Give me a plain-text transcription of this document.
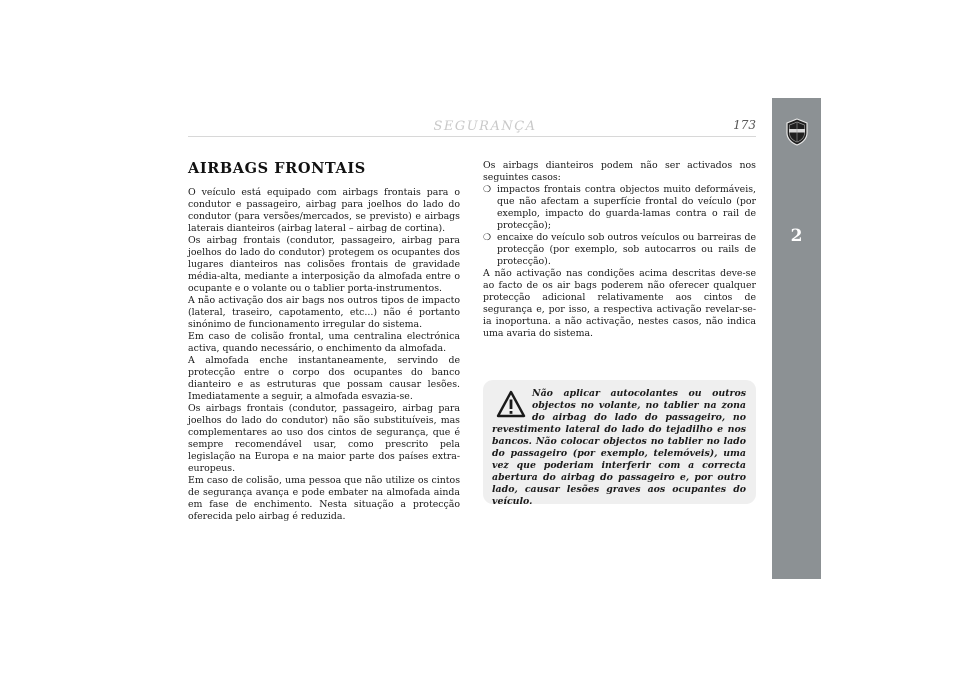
SEGURANÇA	173
2
AIRBAGS FRONTAIS

O veículo está equipado com airbags frontais para o condutor e passageiro, airbag para joelhos do lado do condutor (para versões/mercados, se previsto) e airbags laterais dianteiros (airbag lateral – airbag de cortina).

Os airbag frontais (condutor, passageiro, airbag para joelhos do lado do condutor) protegem os ocupantes dos lugares dianteiros nas colisões frontais de gravidade média-alta, mediante a interposição da almofada entre o ocupante e o volante ou o tablier porta-instrumentos.

A não activação dos air bags nos outros tipos de impacto (lateral, traseiro, capotamento, etc...) não é portanto sinónimo de funcionamento irregular do sistema.

Em caso de colisão frontal, uma centralina electrónica activa, quando necessário, o enchimento da almofada.

A almofada enche instantaneamente, servindo de protecção entre o corpo dos ocupantes do banco dianteiro e as estruturas que possam causar lesões. Imediatamente a seguir, a almofada esvazia-se.

Os airbags frontais (condutor, passageiro, airbag para joelhos do lado do condutor) não são substituíveis, mas complementares ao uso dos cintos de segurança, que é sempre recomendável usar, como prescrito pela legislação na Europa e na maior parte dos países extra-europeus.

Em caso de colisão, uma pessoa que não utilize os cintos de segurança avança e pode embater na almofada ainda em fase de enchimento. Nesta situação a protecção oferecida pelo airbag é reduzida.

Os airbags dianteiros podem não ser activados nos seguintes casos:

❍ impactos frontais contra objectos muito deformáveis, que não afectam a superfície frontal do veículo (por exemplo, impacto do guarda-lamas contra o rail de protecção);
❍ encaixe do veículo sob outros veículos ou barreiras de protecção (por exemplo, sob autocarros ou rails de protecção).

A não activação nas condições acima descritas deve-se ao facto de os air bags poderem não oferecer qualquer protecção adicional relativamente aos cintos de segurança e, por isso, a respectiva activação revelar-se-ia inoportuna. a não activação, nestes casos, não indica uma avaria do sistema.

Não aplicar autocolantes ou outros objectos no volante, no tablier na zona do airbag do lado do passageiro, no revestimento lateral do lado do tejadilho e nos bancos. Não colocar objectos no tablier no lado do passageiro (por exemplo, telemóveis), uma vez que poderiam interferir com a correcta abertura do airbag do passageiro e, por outro lado, causar lesões graves aos ocupantes do veículo.
